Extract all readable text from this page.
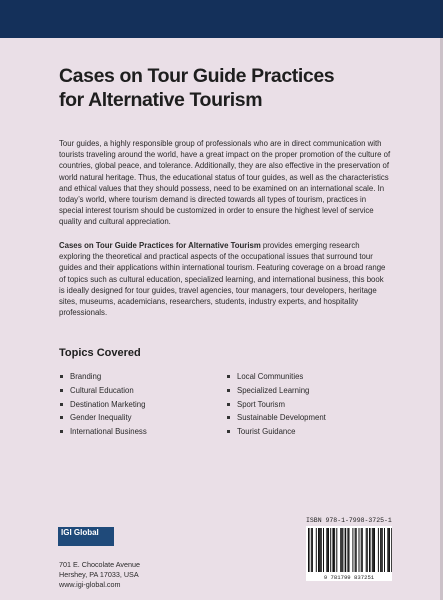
Cases on Tour Guide Practices
for Alternative Tourism
Tour guides, a highly responsible group of professionals who are in direct communication with tourists traveling around the world, have a great impact on the proper promotion of the culture of countries, global peace, and tolerance. Additionally, they are also effective in the preservation of world natural heritage. Thus, the educational status of tour guides, as well as the characteristics and ethical values that they should possess, need to be examined on an international scale. In today’s world, where tourism demand is directed towards all types of tourism, practices in special interest tourism should be customized in order to ensure the highest level of service quality and cultural appreciation.
Cases on Tour Guide Practices for Alternative Tourism provides emerging research exploring the theoretical and practical aspects of the occupational issues that surround tour guides and their applications within international tourism. Featuring coverage on a broad range of topics such as cultural education, specialized learning, and international business, this book is ideally designed for tour guides, travel agencies, tour managers, tour developers, heritage sites, museums, academicians, researchers, students, industry experts, and hospitality professionals.
Topics Covered
Branding
Cultural Education
Destination Marketing
Gender Inequality
International Business
Local Communities
Specialized Learning
Sport Tourism
Sustainable Development
Tourist Guidance
IGI Global
701 E. Chocolate Avenue
Hershey, PA 17033, USA
www.igi-global.com
ISBN 978-1-7998-3725-1
9 781799 837251
